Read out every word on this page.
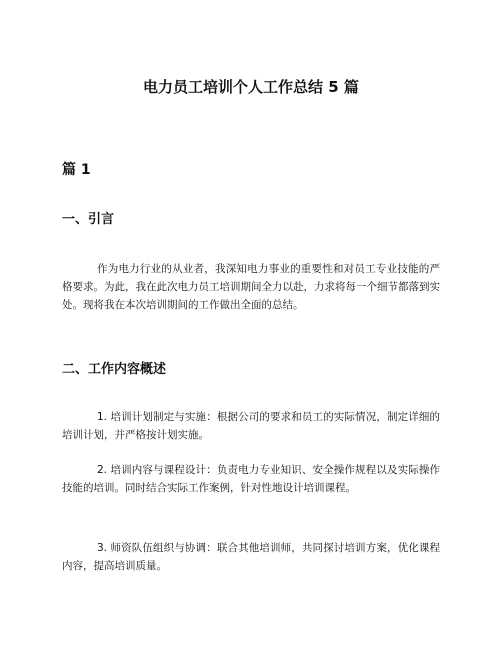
电力员工培训个人工作总结 5 篇
篇 1
一、引言

作为电力行业的从业者，我深知电力事业的重要性和对员工专业技能的严格要求。为此，我在此次电力员工培训期间全力以赴，力求将每一个细节都落到实处。现将我在本次培训期间的工作做出全面的总结。

二、工作内容概述

1. 培训计划制定与实施：根据公司的要求和员工的实际情况，制定详细的培训计划，并严格按计划实施。

2. 培训内容与课程设计：负责电力专业知识、安全操作规程以及实际操作技能的培训。同时结合实际工作案例，针对性地设计培训课程。

3. 师资队伍组织与协调：联合其他培训师，共同探讨培训方案，优化课程内容，提高培训质量。
